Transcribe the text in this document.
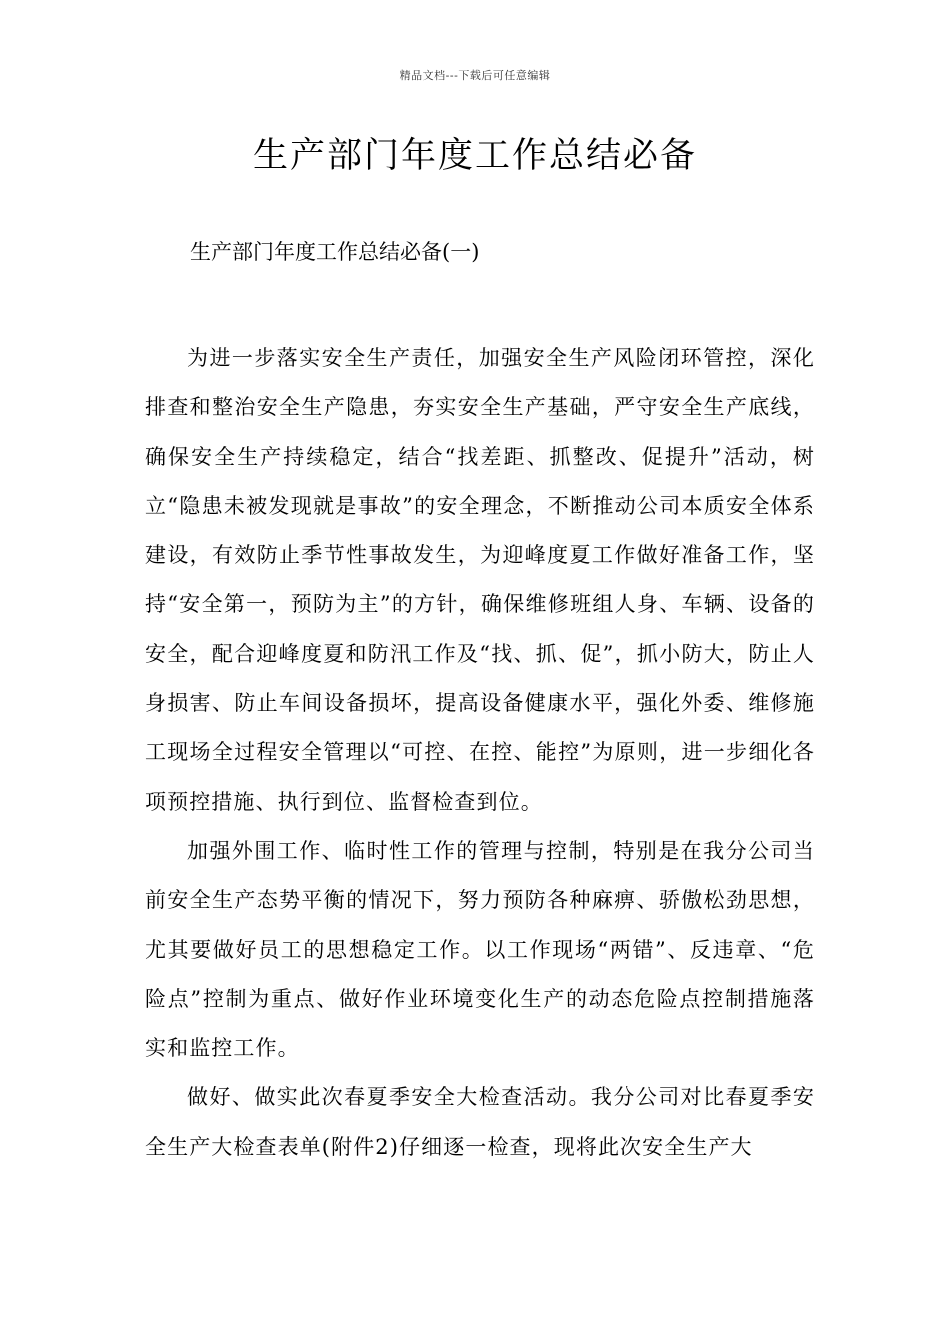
精品文档---下载后可任意编辑
生产部门年度工作总结必备

生产部门年度工作总结必备(一)

为进一步落实安全生产责任，加强安全生产风险闭环管控，深化排查和整治安全生产隐患，夯实安全生产基础，严守安全生产底线，确保安全生产持续稳定，结合“找差距、抓整改、促提升”活动，树立“隐患未被发现就是事故”的安全理念，不断推动公司本质安全体系建设，有效防止季节性事故发生，为迎峰度夏工作做好准备工作，坚持“安全第一，预防为主”的方针，确保维修班组人身、车辆、设备的安全，配合迎峰度夏和防汛工作及“找、抓、促”，抓小防大，防止人身损害、防止车间设备损坏，提高设备健康水平，强化外委、维修施工现场全过程安全管理以“可控、在控、能控”为原则，进一步细化各项预控措施、执行到位、监督检查到位。

加强外围工作、临时性工作的管理与控制，特别是在我分公司当前安全生产态势平衡的情况下，努力预防各种麻痹、骄傲松劲思想，尤其要做好员工的思想稳定工作。以工作现场“两错”、反违章、“危险点”控制为重点、做好作业环境变化生产的动态危险点控制措施落实和监控工作。

做好、做实此次春夏季安全大检查活动。我分公司对比春夏季安全生产大检查表单(附件2)仔细逐一检查，现将此次安全生产大
